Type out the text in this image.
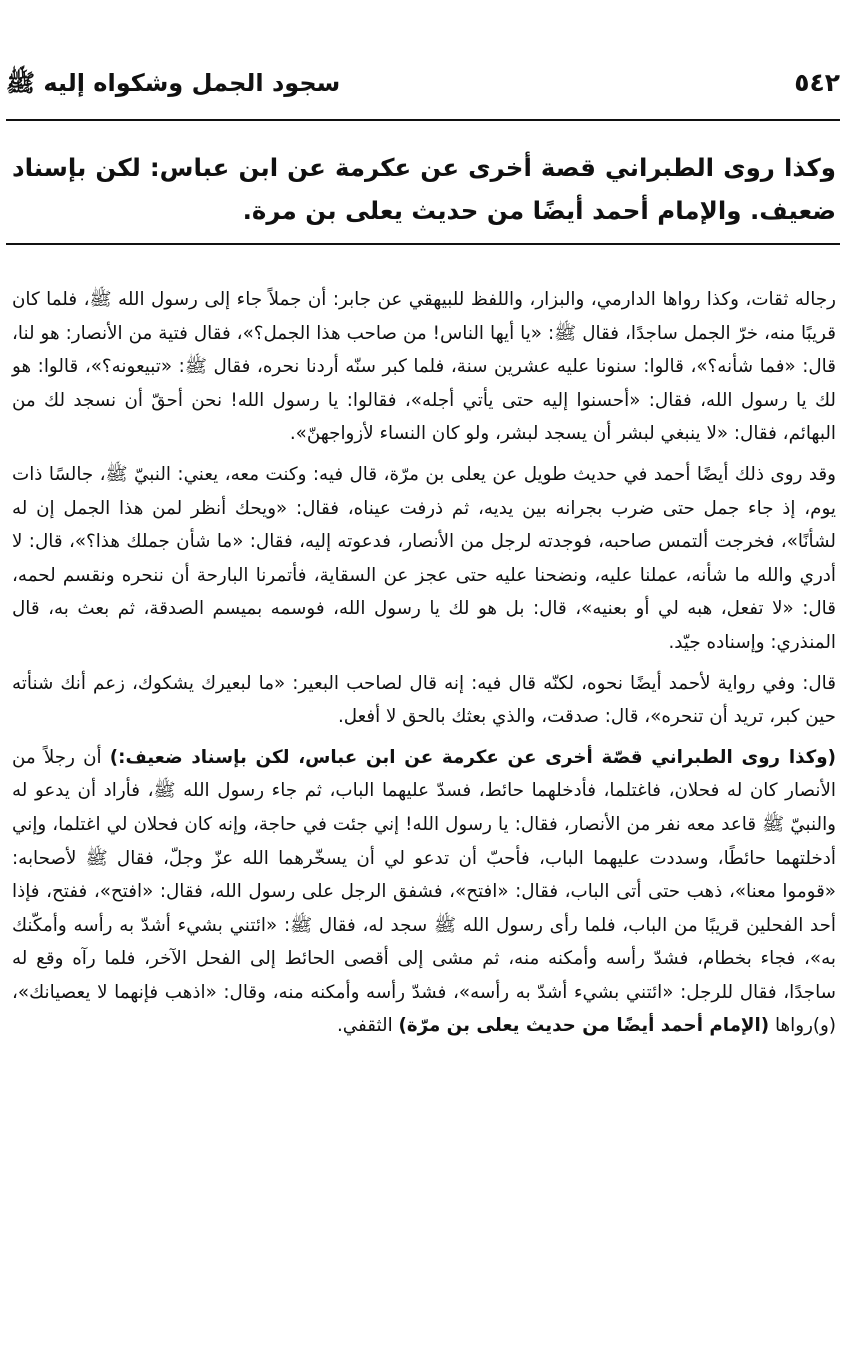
٥٤٢
سجود الجمل وشكواه إليه ﷺ
وكذا روى الطبراني قصة أخرى عن عكرمة عن ابن عباس: لكن بإسناد ضعيف. والإمام أحمد أيضًا من حديث يعلى بن مرة.

رجاله ثقات، وكذا رواها الدارمي، والبزار، واللفظ للبيهقي عن جابر: أن جملاً جاء إلى رسول الله ﷺ، فلما كان قريبًا منه، خرّ الجمل ساجدًا، فقال ﷺ: «يا أيها الناس! من صاحب هذا الجمل؟»، فقال فتية من الأنصار: هو لنا، قال: «فما شأنه؟»، قالوا: سنونا عليه عشرين سنة، فلما كبر سنّه أردنا نحره، فقال ﷺ: «تبيعونه؟»، قالوا: هو لك يا رسول الله، فقال: «أحسنوا إليه حتى يأتي أجله»، فقالوا: يا رسول الله! نحن أحقّ أن نسجد لك من البهائم، فقال: «لا ينبغي لبشر أن يسجد لبشر، ولو كان النساء لأزواجهنّ».

وقد روى ذلك أيضًا أحمد في حديث طويل عن يعلى بن مرّة، قال فيه: وكنت معه، يعني: النبيّ ﷺ، جالسًا ذات يوم، إذ جاء جمل حتى ضرب بجرانه بين يديه، ثم ذرفت عيناه، فقال: «ويحك أنظر لمن هذا الجمل إن له لشأنًا»، فخرجت ألتمس صاحبه، فوجدته لرجل من الأنصار، فدعوته إليه، فقال: «ما شأن جملك هذا؟»، قال: لا أدري والله ما شأنه، عملنا عليه، ونضحنا عليه حتى عجز عن السقاية، فأتمرنا البارحة أن ننحره ونقسم لحمه، قال: «لا تفعل، هبه لي أو بعنيه»، قال: بل هو لك يا رسول الله، فوسمه بميسم الصدقة، ثم بعث به، قال المنذري: وإسناده جيّد.

قال: وفي رواية لأحمد أيضًا نحوه، لكنّه قال فيه: إنه قال لصاحب البعير: «ما لبعيرك يشكوك، زعم أنك شنأته حين كبر، تريد أن تنحره»، قال: صدقت، والذي بعثك بالحق لا أفعل.

(وكذا روى الطبراني قصّة أخرى عن عكرمة عن ابن عباس، لكن بإسناد ضعيف:) أن رجلاً من الأنصار كان له فحلان، فاغتلما، فأدخلهما حائط، فسدّ عليهما الباب، ثم جاء رسول الله ﷺ، فأراد أن يدعو له والنبيّ ﷺ قاعد معه نفر من الأنصار، فقال: يا رسول الله! إني جئت في حاجة، وإنه كان فحلان لي اغتلما، وإني أدخلتهما حائطًا، وسددت عليهما الباب، فأحبّ أن تدعو لي أن يسخّرهما الله عزّ وجلّ، فقال ﷺ لأصحابه: «قوموا معنا»، ذهب حتى أتى الباب، فقال: «افتح»، فشفق الرجل على رسول الله، فقال: «افتح»، ففتح، فإذا أحد الفحلين قريبًا من الباب، فلما رأى رسول الله ﷺ سجد له، فقال ﷺ: «ائتني بشيء أشدّ به رأسه وأمكّنك به»، فجاء بخطام، فشدّ رأسه وأمكنه منه، ثم مشى إلى أقصى الحائط إلى الفحل الآخر، فلما رآه وقع له ساجدًا، فقال للرجل: «ائتني بشيء أشدّ به رأسه»، فشدّ رأسه وأمكنه منه، وقال: «اذهب فإنهما لا يعصيانك»، (و)رواها (الإمام أحمد أيضًا من حديث يعلى بن مرّة) الثقفي.
